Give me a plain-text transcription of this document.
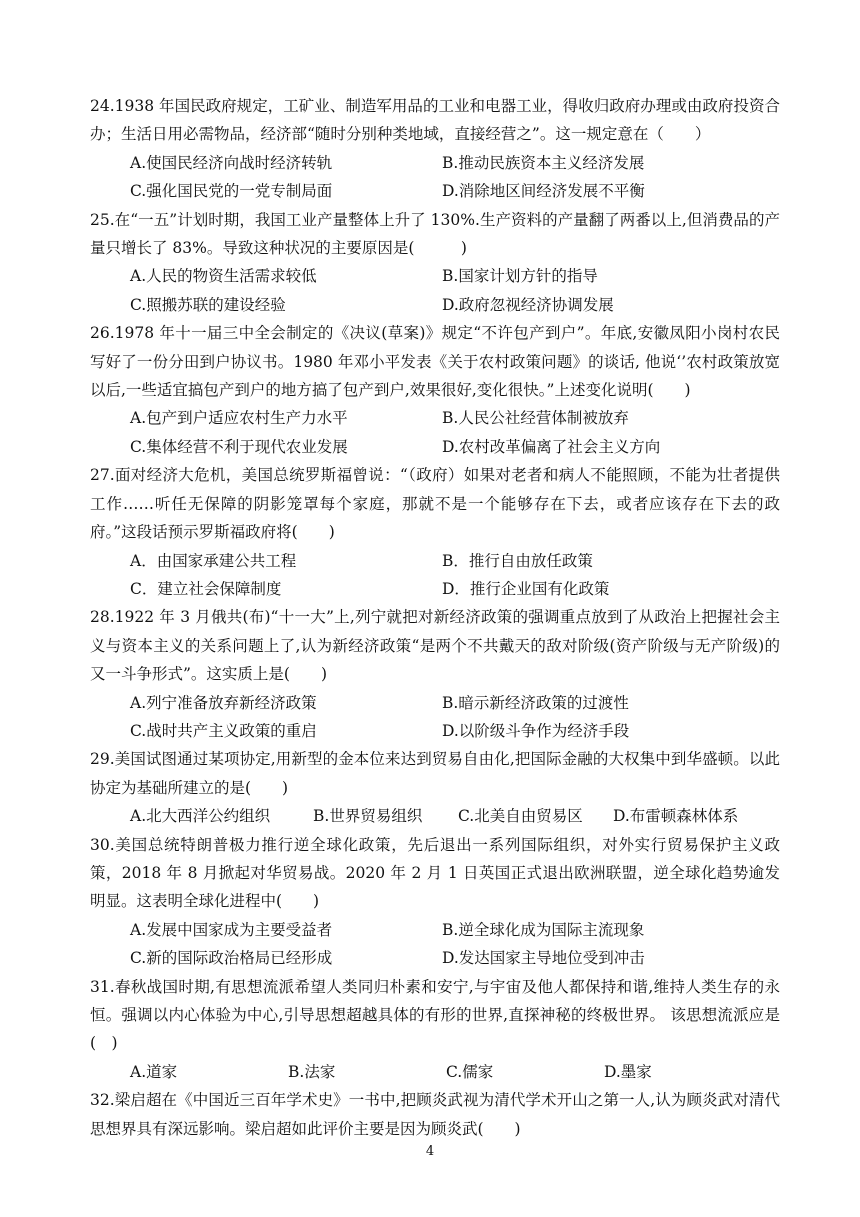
24.1938 年国民政府规定，工矿业、制造军用品的工业和电器工业，得收归政府办理或由政府投资合办；生活日用必需物品，经济部“随时分别种类地域，直接经营之”。这一规定意在（　　）

A.使国民经济向战时经济转轨	B.推动民族资本主义经济发展
C.强化国民党的一党专制局面	D.消除地区间经济发展不平衡

25.在“一五”计划时期，我国工业产量整体上升了 130%.生产资料的产量翻了两番以上,但消费品的产量只增长了 83%。导致这种状况的主要原因是(　　　)

A.人民的物资生活需求较低	B.国家计划方针的指导
C.照搬苏联的建设经验	D.政府忽视经济协调发展

26.1978 年十一届三中全会制定的《决议(草案)》规定“不许包产到户”。年底,安徽凤阳小岗村农民写好了一份分田到户协议书。1980 年邓小平发表《关于农村政策问题》的谈话, 他说‘’农村政策放宽以后,一些适宜搞包产到户的地方搞了包产到户,效果很好,变化很快。”上述变化说明(　　)

A.包产到户适应农村生产力水平	B.人民公社经营体制被放弃
C.集体经营不利于现代农业发展	D.农村改革偏离了社会主义方向

27.面对经济大危机，美国总统罗斯福曾说：“（政府）如果对老者和病人不能照顾，不能为壮者提供工作……听任无保障的阴影笼罩每个家庭，那就不是一个能够存在下去，或者应该存在下去的政府。”这段话预示罗斯福政府将(　　)

A．由国家承建公共工程	B．推行自由放任政策
C．建立社会保障制度	D．推行企业国有化政策

28.1922 年 3 月俄共(布)“十一大”上,列宁就把对新经济政策的强调重点放到了从政治上把握社会主义与资本主义的关系问题上了,认为新经济政策“是两个不共戴天的敌对阶级(资产阶级与无产阶级)的又一斗争形式”。这实质上是(　　)

A.列宁准备放弃新经济政策	B.暗示新经济政策的过渡性
C.战时共产主义政策的重启	D.以阶级斗争作为经济手段

29.美国试图通过某项协定,用新型的金本位来达到贸易自由化,把国际金融的大权集中到华盛顿。以此协定为基础所建立的是(　　)

A.北大西洋公约组织	B.世界贸易组织	C.北美自由贸易区	D.布雷顿森林体系

30.美国总统特朗普极力推行逆全球化政策，先后退出一系列国际组织，对外实行贸易保护主义政策，2018 年 8 月掀起对华贸易战。2020 年 2 月 1 日英国正式退出欧洲联盟，逆全球化趋势逾发明显。这表明全球化进程中(　　)

A.发展中国家成为主要受益者	B.逆全球化成为国际主流现象
C.新的国际政治格局已经形成	D.发达国家主导地位受到冲击

31.春秋战国时期,有思想流派希望人类同归朴素和安宁,与宇宙及他人都保持和谐,维持人类生存的永恒。强调以内心体验为中心,引导思想超越具体的有形的世界,直探神秘的终极世界。 该思想流派应是(　)

A.道家	B.法家	C.儒家	D.墨家

32.梁启超在《中国近三百年学术史》一书中,把顾炎武视为清代学术开山之第一人,认为顾炎武对清代思想界具有深远影响。梁启超如此评价主要是因为顾炎武(　　)

4
